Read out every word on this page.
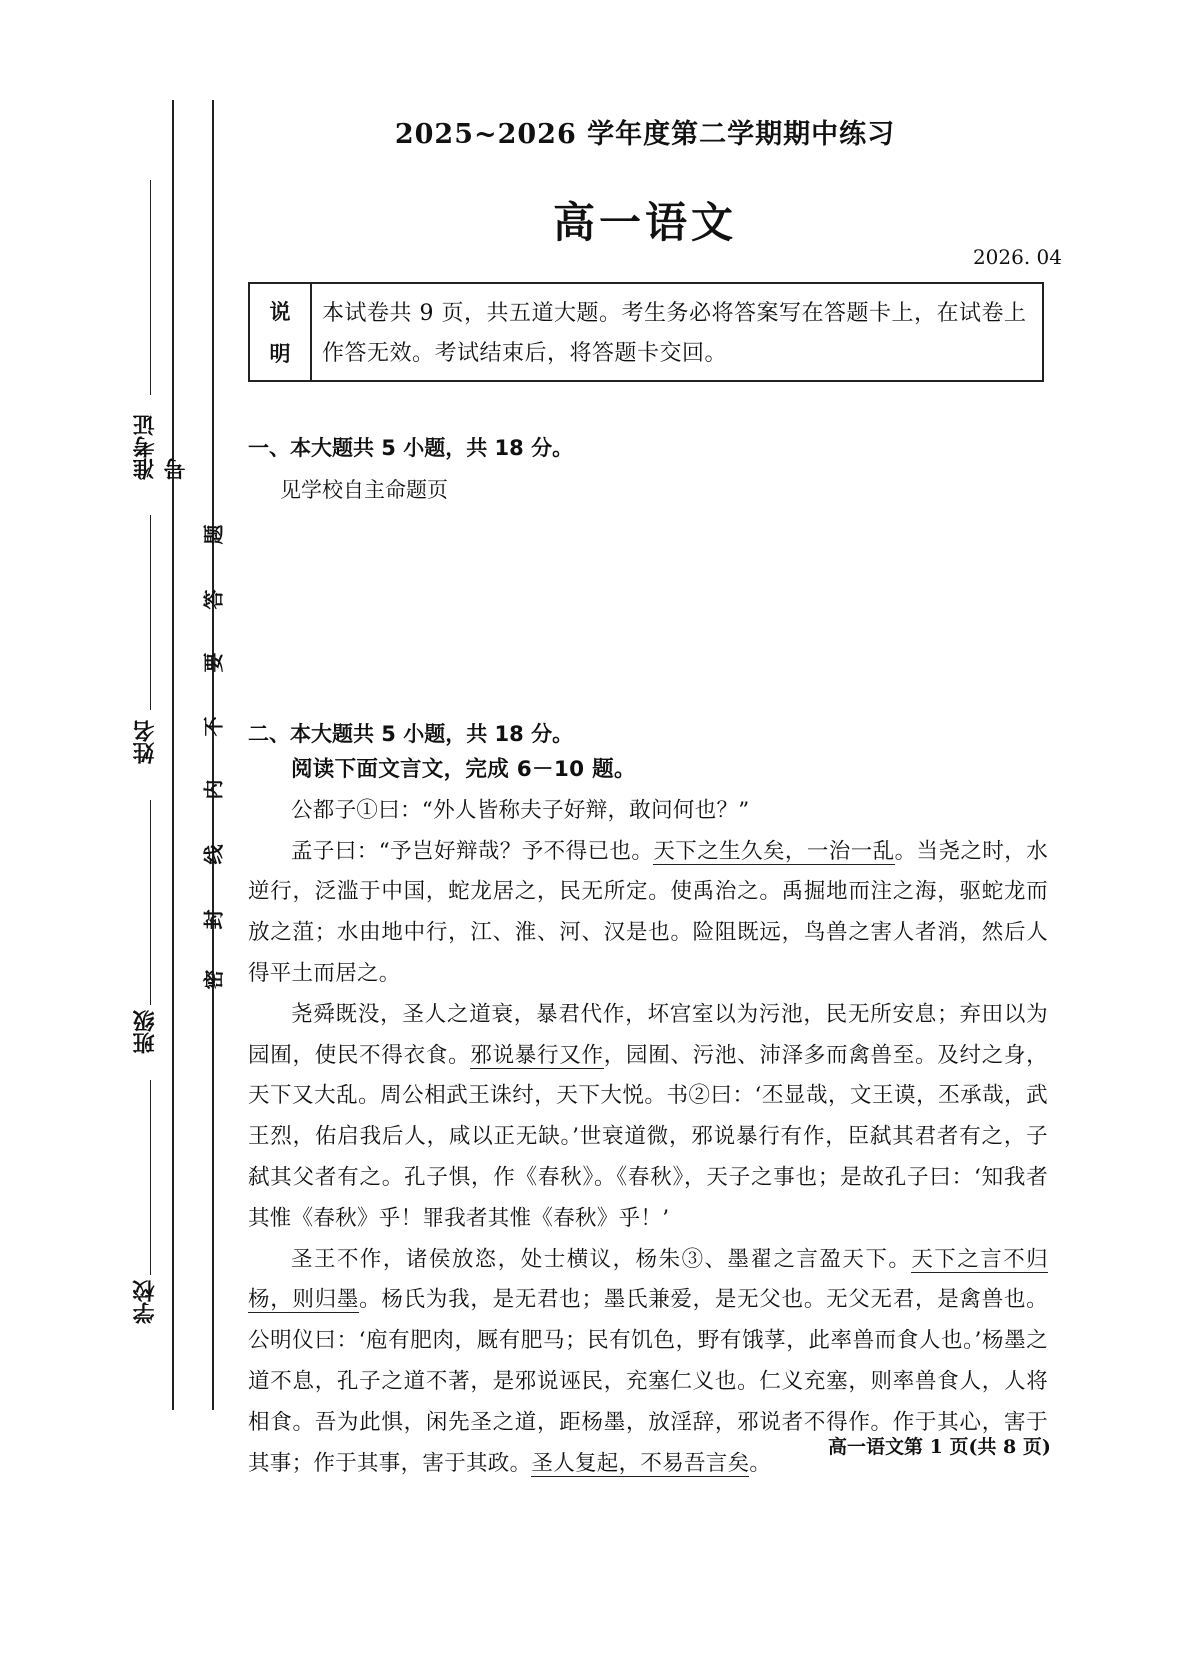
准考证号
姓名
班级
学校
密
封
线
内
不
要
答
题
2025~2026 学年度第二学期期中练习
高一语文
2026. 04
说
明
本试卷共 9 页，共五道大题。考生务必将答案写在答题卡上，在试卷上作答无效。考试结束后，将答题卡交回。
一、本大题共 5 小题，共 18 分。
见学校自主命题页
二、本大题共 5 小题，共 18 分。

阅读下面文言文，完成 6－10 题。

公都子①曰：“外人皆称夫子好辩，敢问何也？”

孟子曰：“予岂好辩哉？予不得已也。天下之生久矣，一治一乱。当尧之时，水逆行，泛滥于中国，蛇龙居之，民无所定。使禹治之。禹掘地而注之海，驱蛇龙而放之菹；水由地中行，江、淮、河、汉是也。险阻既远，鸟兽之害人者消，然后人得平土而居之。

尧舜既没，圣人之道衰，暴君代作，坏宫室以为污池，民无所安息；弃田以为园囿，使民不得衣食。邪说暴行又作，园囿、污池、沛泽多而禽兽至。及纣之身，天下又大乱。周公相武王诛纣，天下大悦。书②曰：‘丕显哉，文王谟，丕承哉，武王烈，佑启我后人，咸以正无缺。’世衰道微，邪说暴行有作，臣弑其君者有之，子弑其父者有之。孔子惧，作《春秋》。《春秋》，天子之事也；是故孔子曰：‘知我者其惟《春秋》乎！罪我者其惟《春秋》乎！’

圣王不作，诸侯放恣，处士横议，杨朱③、墨翟之言盈天下。天下之言不归杨，则归墨。杨氏为我，是无君也；墨氏兼爱，是无父也。无父无君，是禽兽也。公明仪曰：‘庖有肥肉，厩有肥马；民有饥色，野有饿莩，此率兽而食人也。’杨墨之道不息，孔子之道不著，是邪说诬民，充塞仁义也。仁义充塞，则率兽食人，人将相食。吾为此惧，闲先圣之道，距杨墨，放淫辞，邪说者不得作。作于其心，害于其事；作于其事，害于其政。圣人复起，不易吾言矣。

高一语文第 1 页(共 8 页)
